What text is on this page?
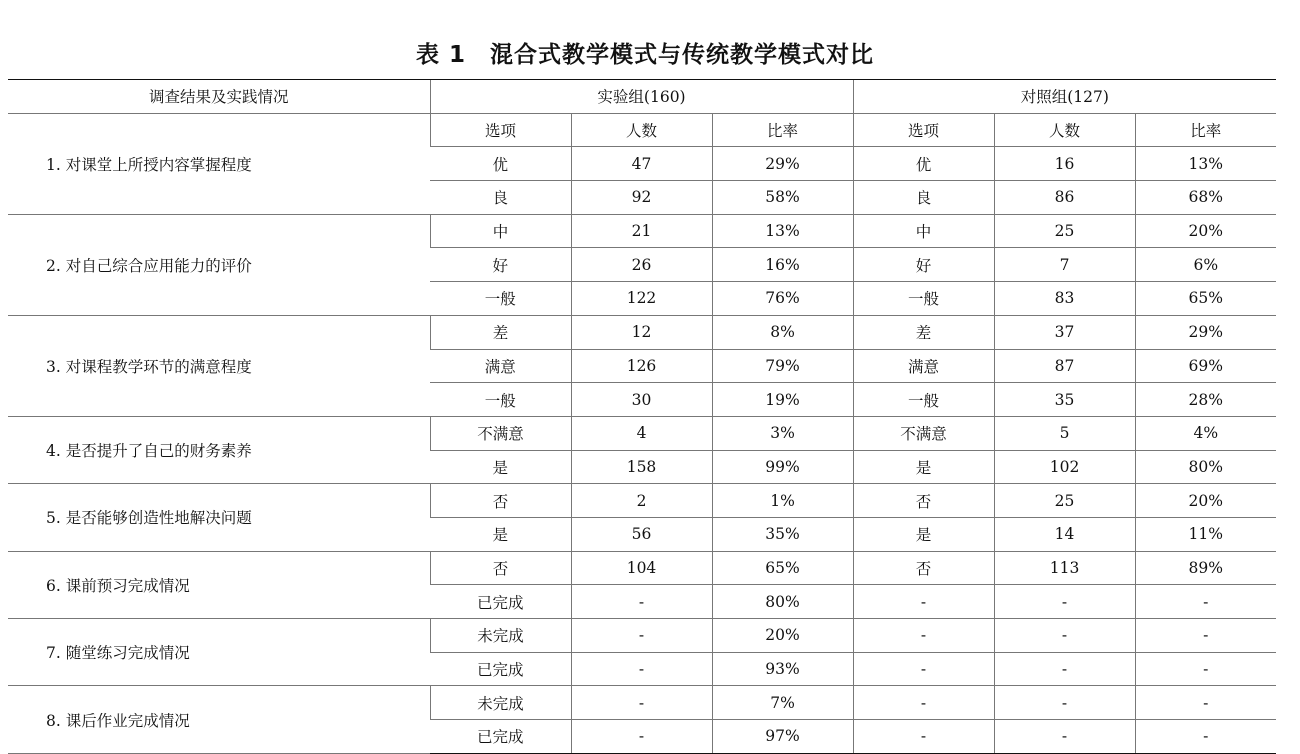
表 1　混合式教学模式与传统教学模式对比
调查结果及实践情况	实验组(160)			对照组(127)		
1. 对课堂上所授内容掌握程度	选项	人数	比率	选项	人数	比率
	优	47	29%	优	16	13%
	良	92	58%	良	86	68%
2. 对自己综合应用能力的评价	中	21	13%	中	25	20%
	好	26	16%	好	7	6%
	一般	122	76%	一般	83	65%
3. 对课程教学环节的满意程度	差	12	8%	差	37	29%
	满意	126	79%	满意	87	69%
	一般	30	19%	一般	35	28%
4. 是否提升了自己的财务素养	不满意	4	3%	不满意	5	4%
	是	158	99%	是	102	80%
5. 是否能够创造性地解决问题	否	2	1%	否	25	20%
	是	56	35%	是	14	11%
6. 课前预习完成情况	否	104	65%	否	113	89%
	已完成	-	80%	-	-	-
7. 随堂练习完成情况	未完成	-	20%	-	-	-
	已完成	-	93%	-	-	-
8. 课后作业完成情况	未完成	-	7%	-	-	-
	已完成	-	97%	-	-	-
